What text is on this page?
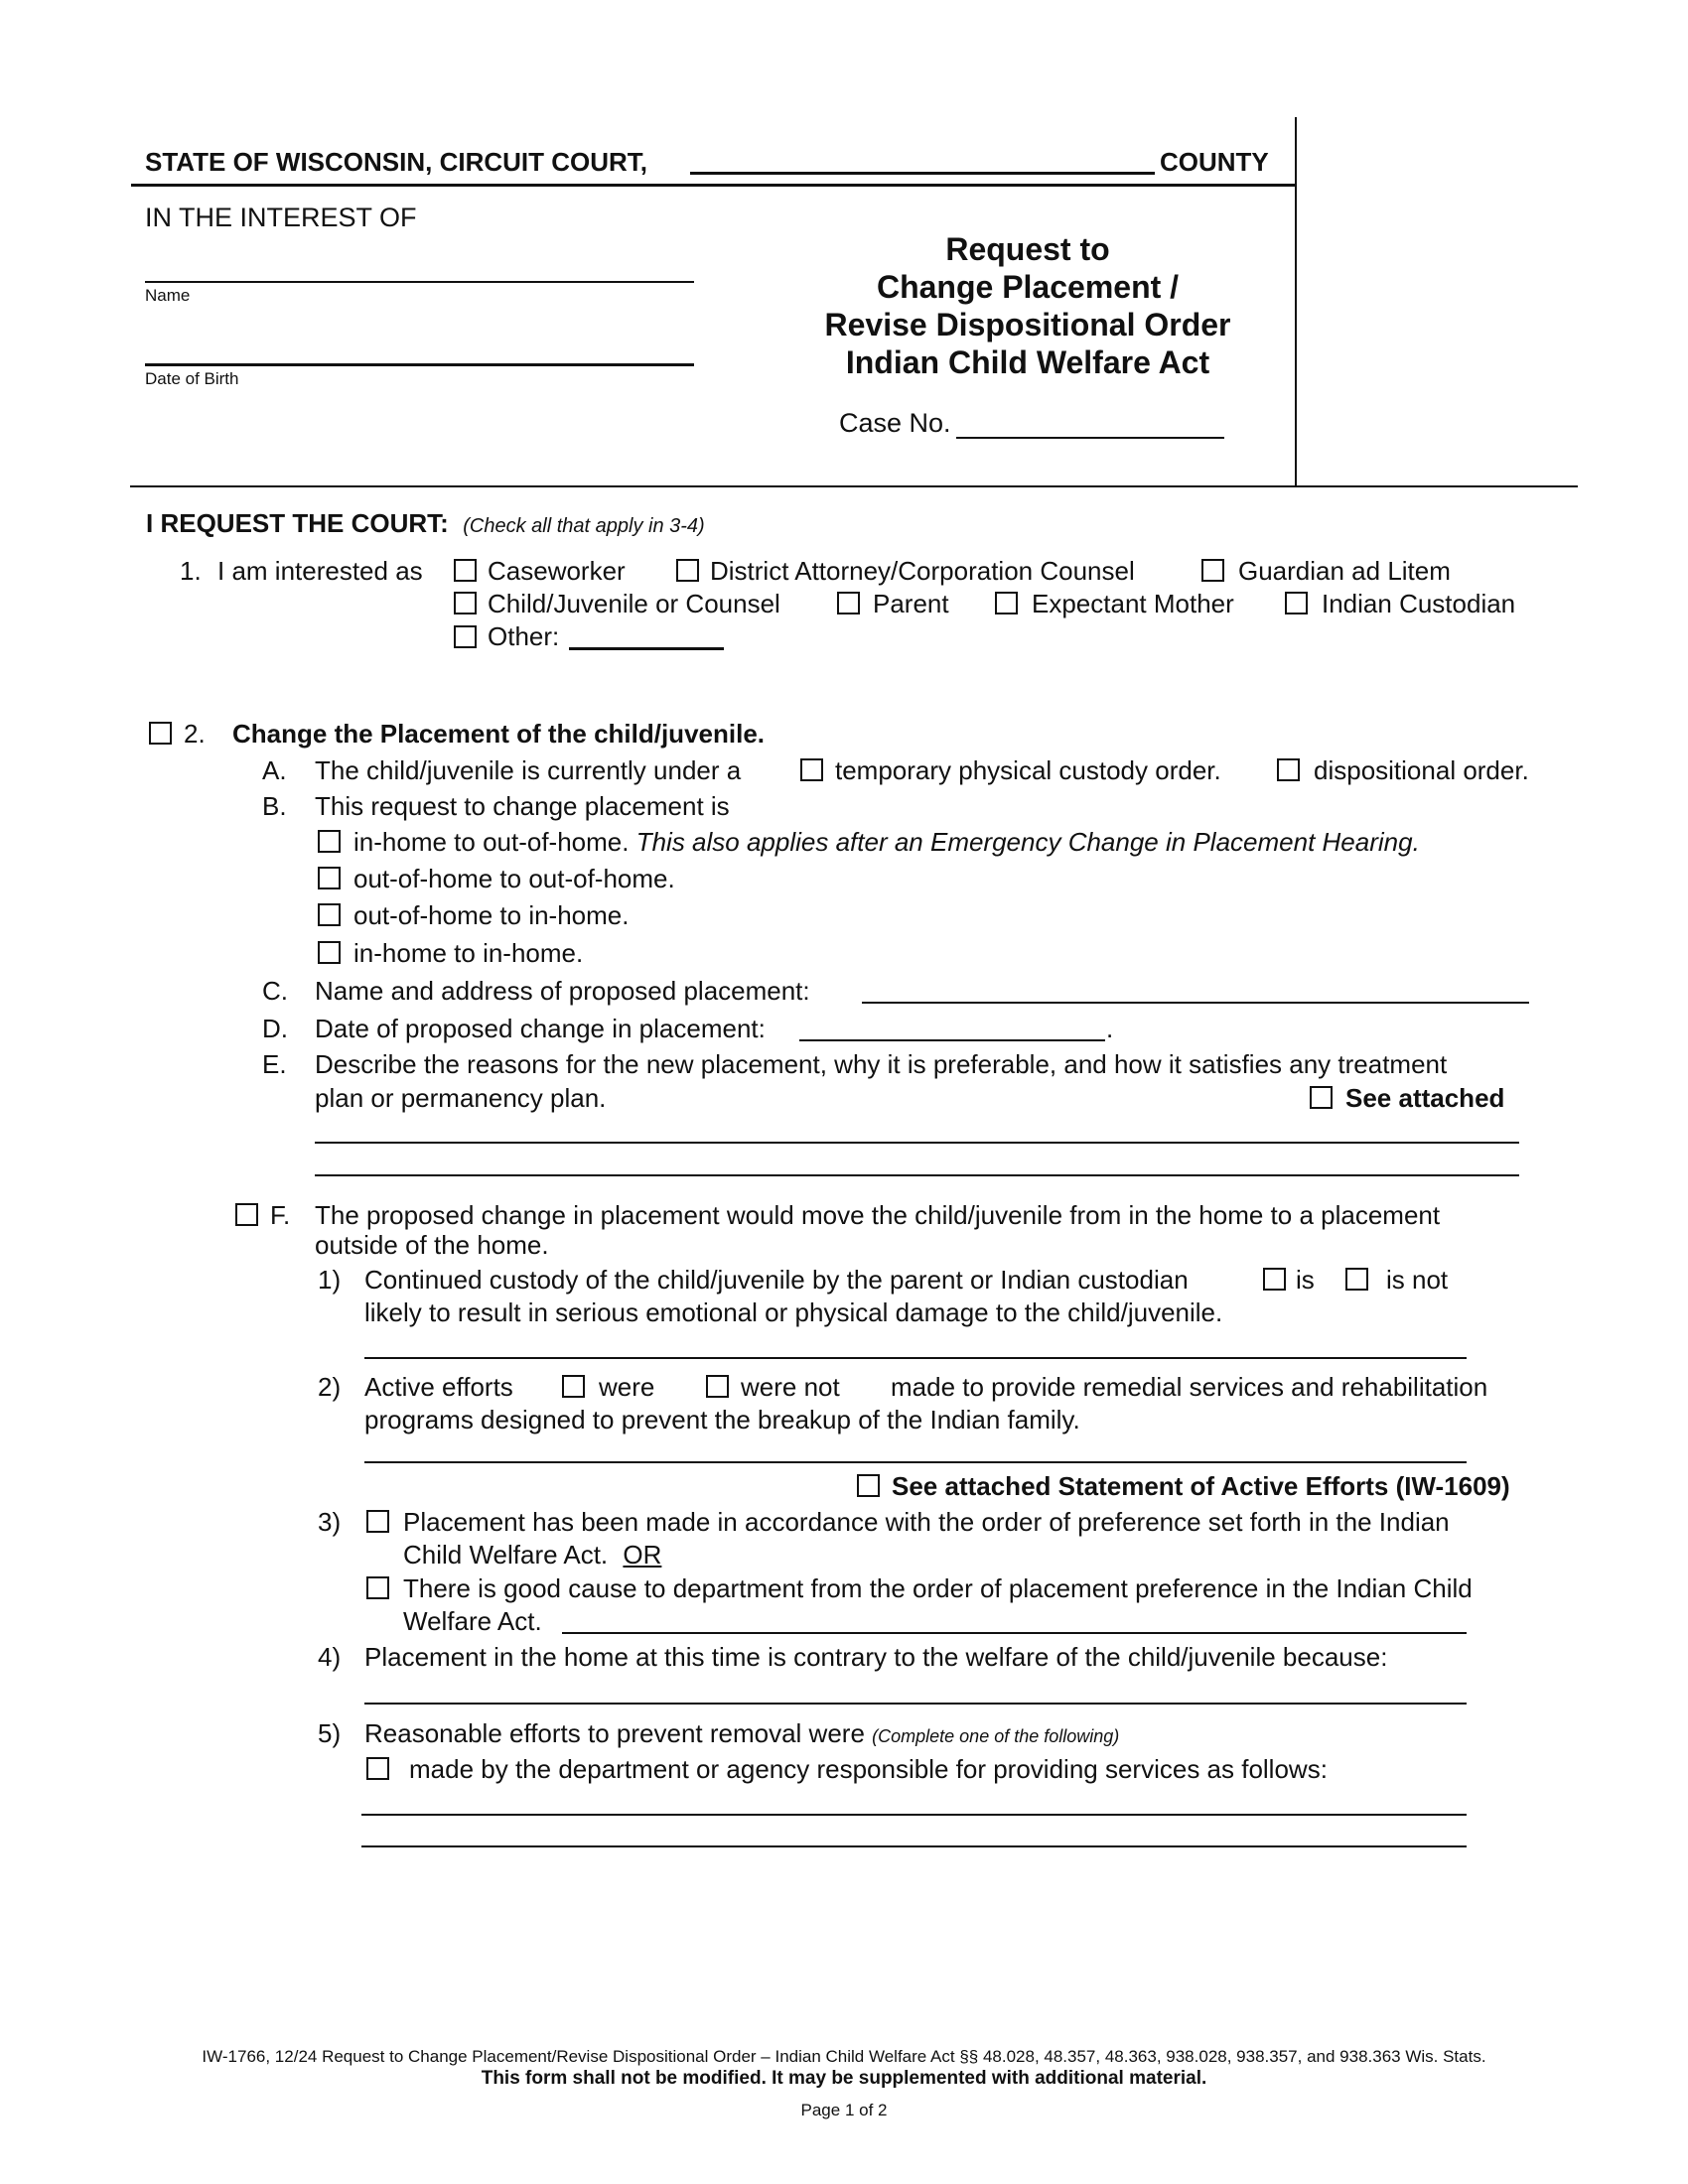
STATE OF WISCONSIN, CIRCUIT COURT,	COUNTY
IN THE INTEREST OF
Name
Date of Birth
Request to
Change Placement /
Revise Dispositional Order
Indian Child Welfare Act
Case No.
I REQUEST THE COURT: (Check all that apply in 3-4)
1. I am interested as	Caseworker	District Attorney/Corporation Counsel	Guardian ad Litem
Child/Juvenile or Counsel	Parent	Expectant Mother	Indian Custodian
Other:
2. Change the Placement of the child/juvenile.
A. The child/juvenile is currently under a	temporary physical custody order.	dispositional order.
B. This request to change placement is
in-home to out-of-home. This also applies after an Emergency Change in Placement Hearing.
out-of-home to out-of-home.
out-of-home to in-home.
in-home to in-home.
C. Name and address of proposed placement:
D. Date of proposed change in placement:	.
E. Describe the reasons for the new placement, why it is preferable, and how it satisfies any treatment
plan or permanency plan.	See attached
F. The proposed change in placement would move the child/juvenile from in the home to a placement
outside of the home.
1) Continued custody of the child/juvenile by the parent or Indian custodian	is	is not
likely to result in serious emotional or physical damage to the child/juvenile.
2) Active efforts	were	were not made to provide remedial services and rehabilitation
programs designed to prevent the breakup of the Indian family.
See attached Statement of Active Efforts (IW-1609)
3) Placement has been made in accordance with the order of preference set forth in the Indian
Child Welfare Act. OR
There is good cause to department from the order of placement preference in the Indian Child
Welfare Act.
4) Placement in the home at this time is contrary to the welfare of the child/juvenile because:
5) Reasonable efforts to prevent removal were (Complete one of the following)
made by the department or agency responsible for providing services as follows:
IW-1766, 12/24 Request to Change Placement/Revise Dispositional Order – Indian Child Welfare Act §§ 48.028, 48.357, 48.363, 938.028, 938.357, and 938.363 Wis. Stats.
This form shall not be modified. It may be supplemented with additional material.
Page 1 of 2
